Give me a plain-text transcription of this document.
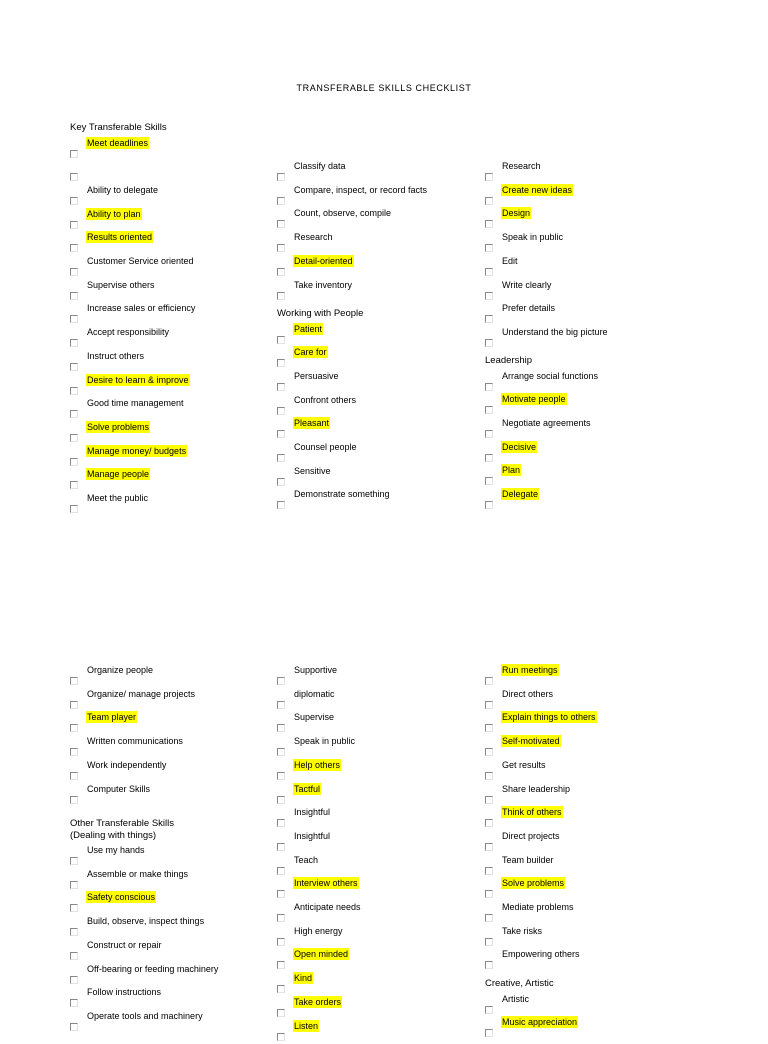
TRANSFERABLE SKILLS CHECKLIST
Key Transferable Skills
Meet deadlines
Ability to delegate
Ability to plan
Results oriented
Customer Service oriented
Supervise others
Increase sales or efficiency
Accept responsibility
Instruct others
Desire to learn & improve
Good time management
Solve problems
Manage money/ budgets
Manage people
Meet the public
Classify data
Compare, inspect, or record facts
Count, observe, compile
Research
Detail-oriented
Take inventory
Working with People
Patient
Care for
Persuasive
Confront others
Pleasant
Counsel people
Sensitive
Demonstrate something
Research
Create new ideas
Design
Speak in public
Edit
Write clearly
Prefer details
Understand the big picture
Leadership
Arrange social functions
Motivate people
Negotiate agreements
Decisive
Plan
Delegate
Organize people
Organize/ manage projects
Team player
Written communications
Work independently
Computer Skills
Other Transferable Skills
(Dealing with things)
Use my hands
Assemble or make things
Safety conscious
Build, observe, inspect things
Construct or repair
Off-bearing or feeding machinery
Follow instructions
Operate tools and machinery
Supportive
diplomatic
Supervise
Speak in public
Help others
Tactful
Insightful
Insightful
Teach
Interview others
Anticipate needs
High energy
Open minded
Kind
Take orders
Listen
Run meetings
Direct others
Explain things to others
Self-motivated
Get results
Share leadership
Think of others
Direct projects
Team builder
Solve problems
Mediate problems
Take risks
Empowering others
Creative, Artistic
Artistic
Music appreciation
